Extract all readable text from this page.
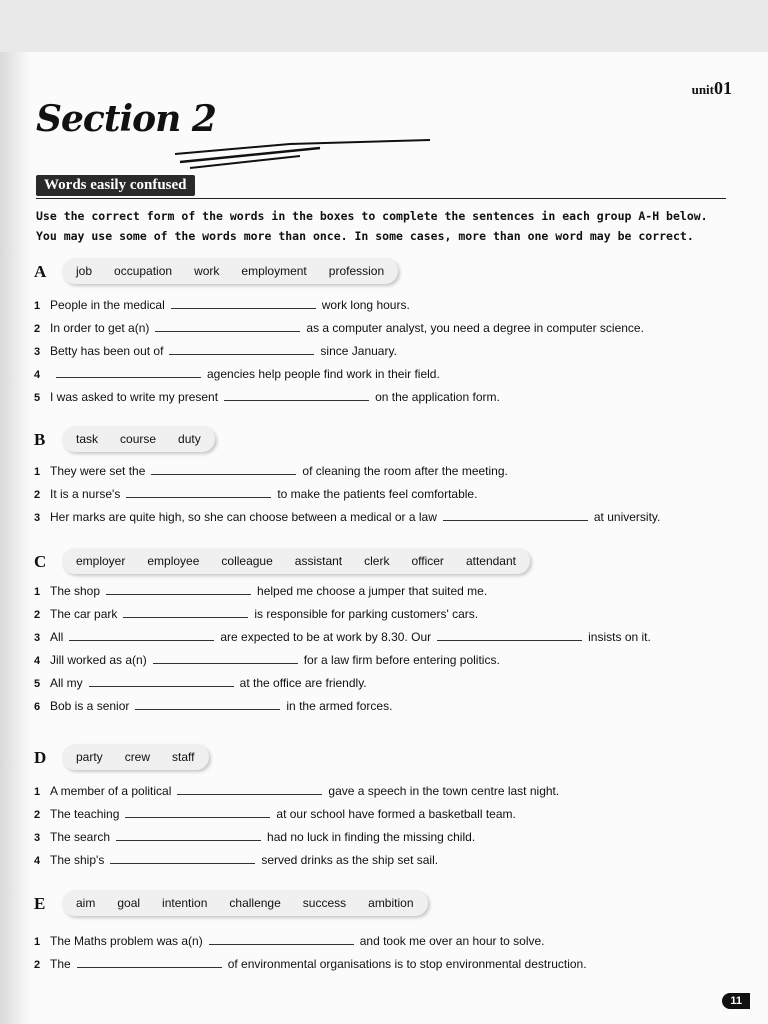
unit01
Section 2
Words easily confused
Use the correct form of the words in the boxes to complete the sentences in each group A-H below. You may use some of the words more than once. In some cases, more than one word may be correct.
A job occupation work employment profession
1 People in the medical	work long hours.
2 In order to get a(n)	as a computer analyst, you need a degree in computer science.
3 Betty has been out of	since January.
4	agencies help people find work in their field.
5 I was asked to write my present	on the application form.
B	task course duty
1 They were set the	of cleaning the room after the meeting.
2 It is a nurse's	to make the patients feel comfortable.
3 Her marks are quite high, so she can choose between a medical or a law	at university.
C employer employee colleague assistant clerk officer attendant
1 The shop	helped me choose a jumper that suited me.
2 The car park	is responsible for parking customers' cars.
3 All	are expected to be at work by 8.30. Our	insists on it.
4 Jill worked as a(n)	for a law firm before entering politics.
5 All my	at the office are friendly.
6 Bob is a senior	in the armed forces.
D party crew staff
1 A member of a political	gave a speech in the town centre last night.
2 The teaching	at our school have formed a basketball team.
3 The search	had no luck in finding the missing child.
4 The ship's	served drinks as the ship set sail.
E	aim goal intention challenge success ambition
1 The Maths problem was a(n)	and took me over an hour to solve.
2 The	of environmental organisations is to stop environmental destruction.
11
